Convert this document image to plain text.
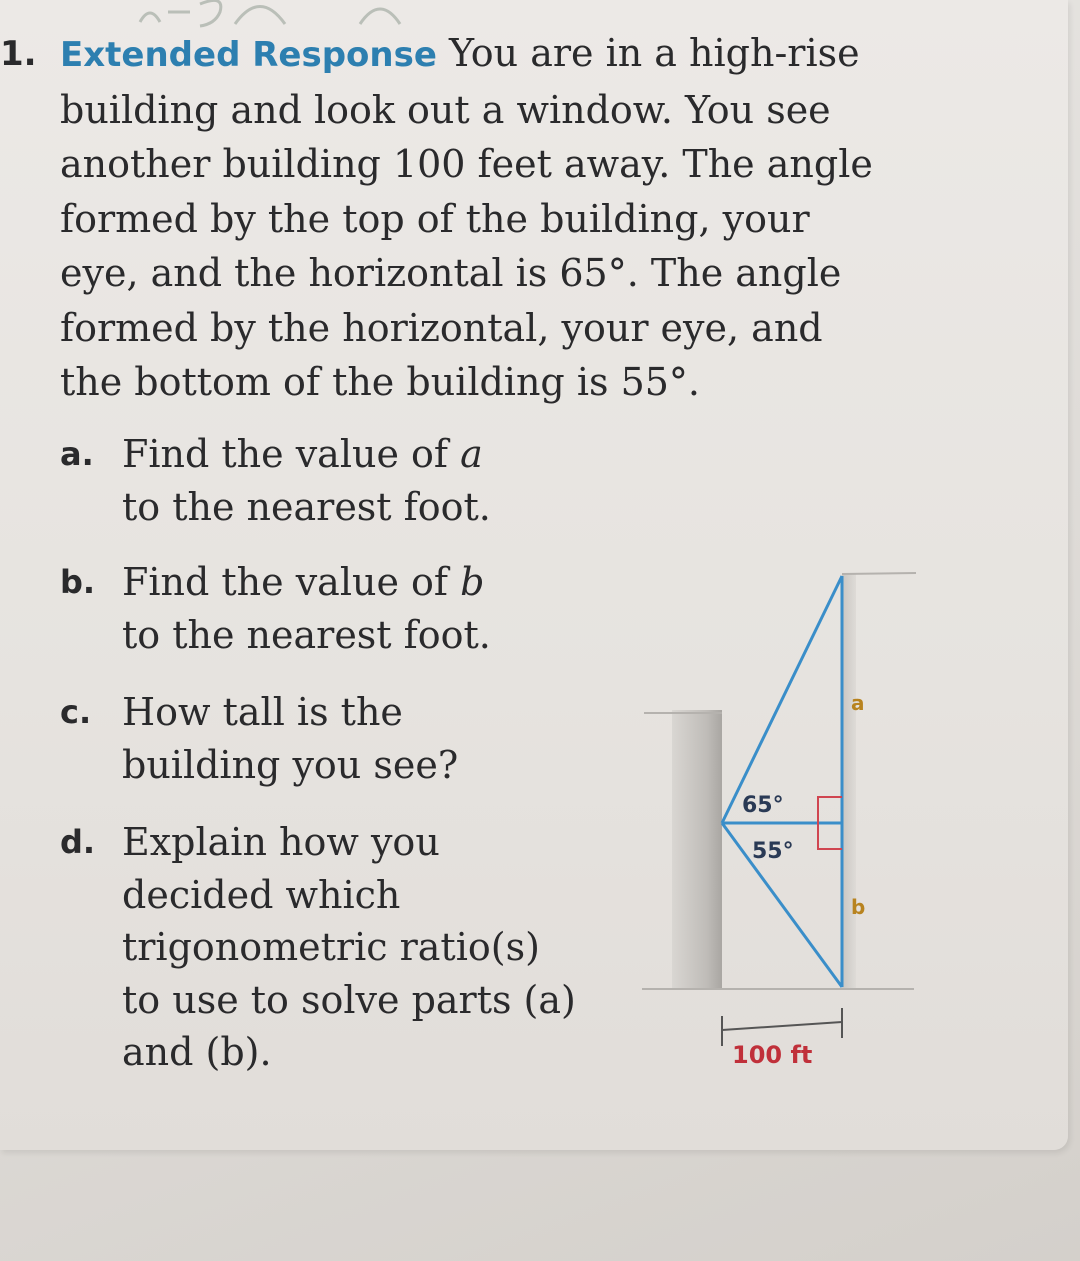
1. Extended Response You are in a high-rise
building and look out a window. You see
another building 100 feet away. The angle
formed by the top of the building, your
eye, and the horizontal is 65°. The angle
formed by the horizontal, your eye, and
the bottom of the building is 55°.

a. Find the value of a
to the nearest foot.
b. Find the value of b
to the nearest foot.
c. How tall is the
building you see?
d. Explain how you
decided which
trigonometric ratio(s)
to use to solve parts (a)
and (b).
65°
55°
a
b
100 ft
